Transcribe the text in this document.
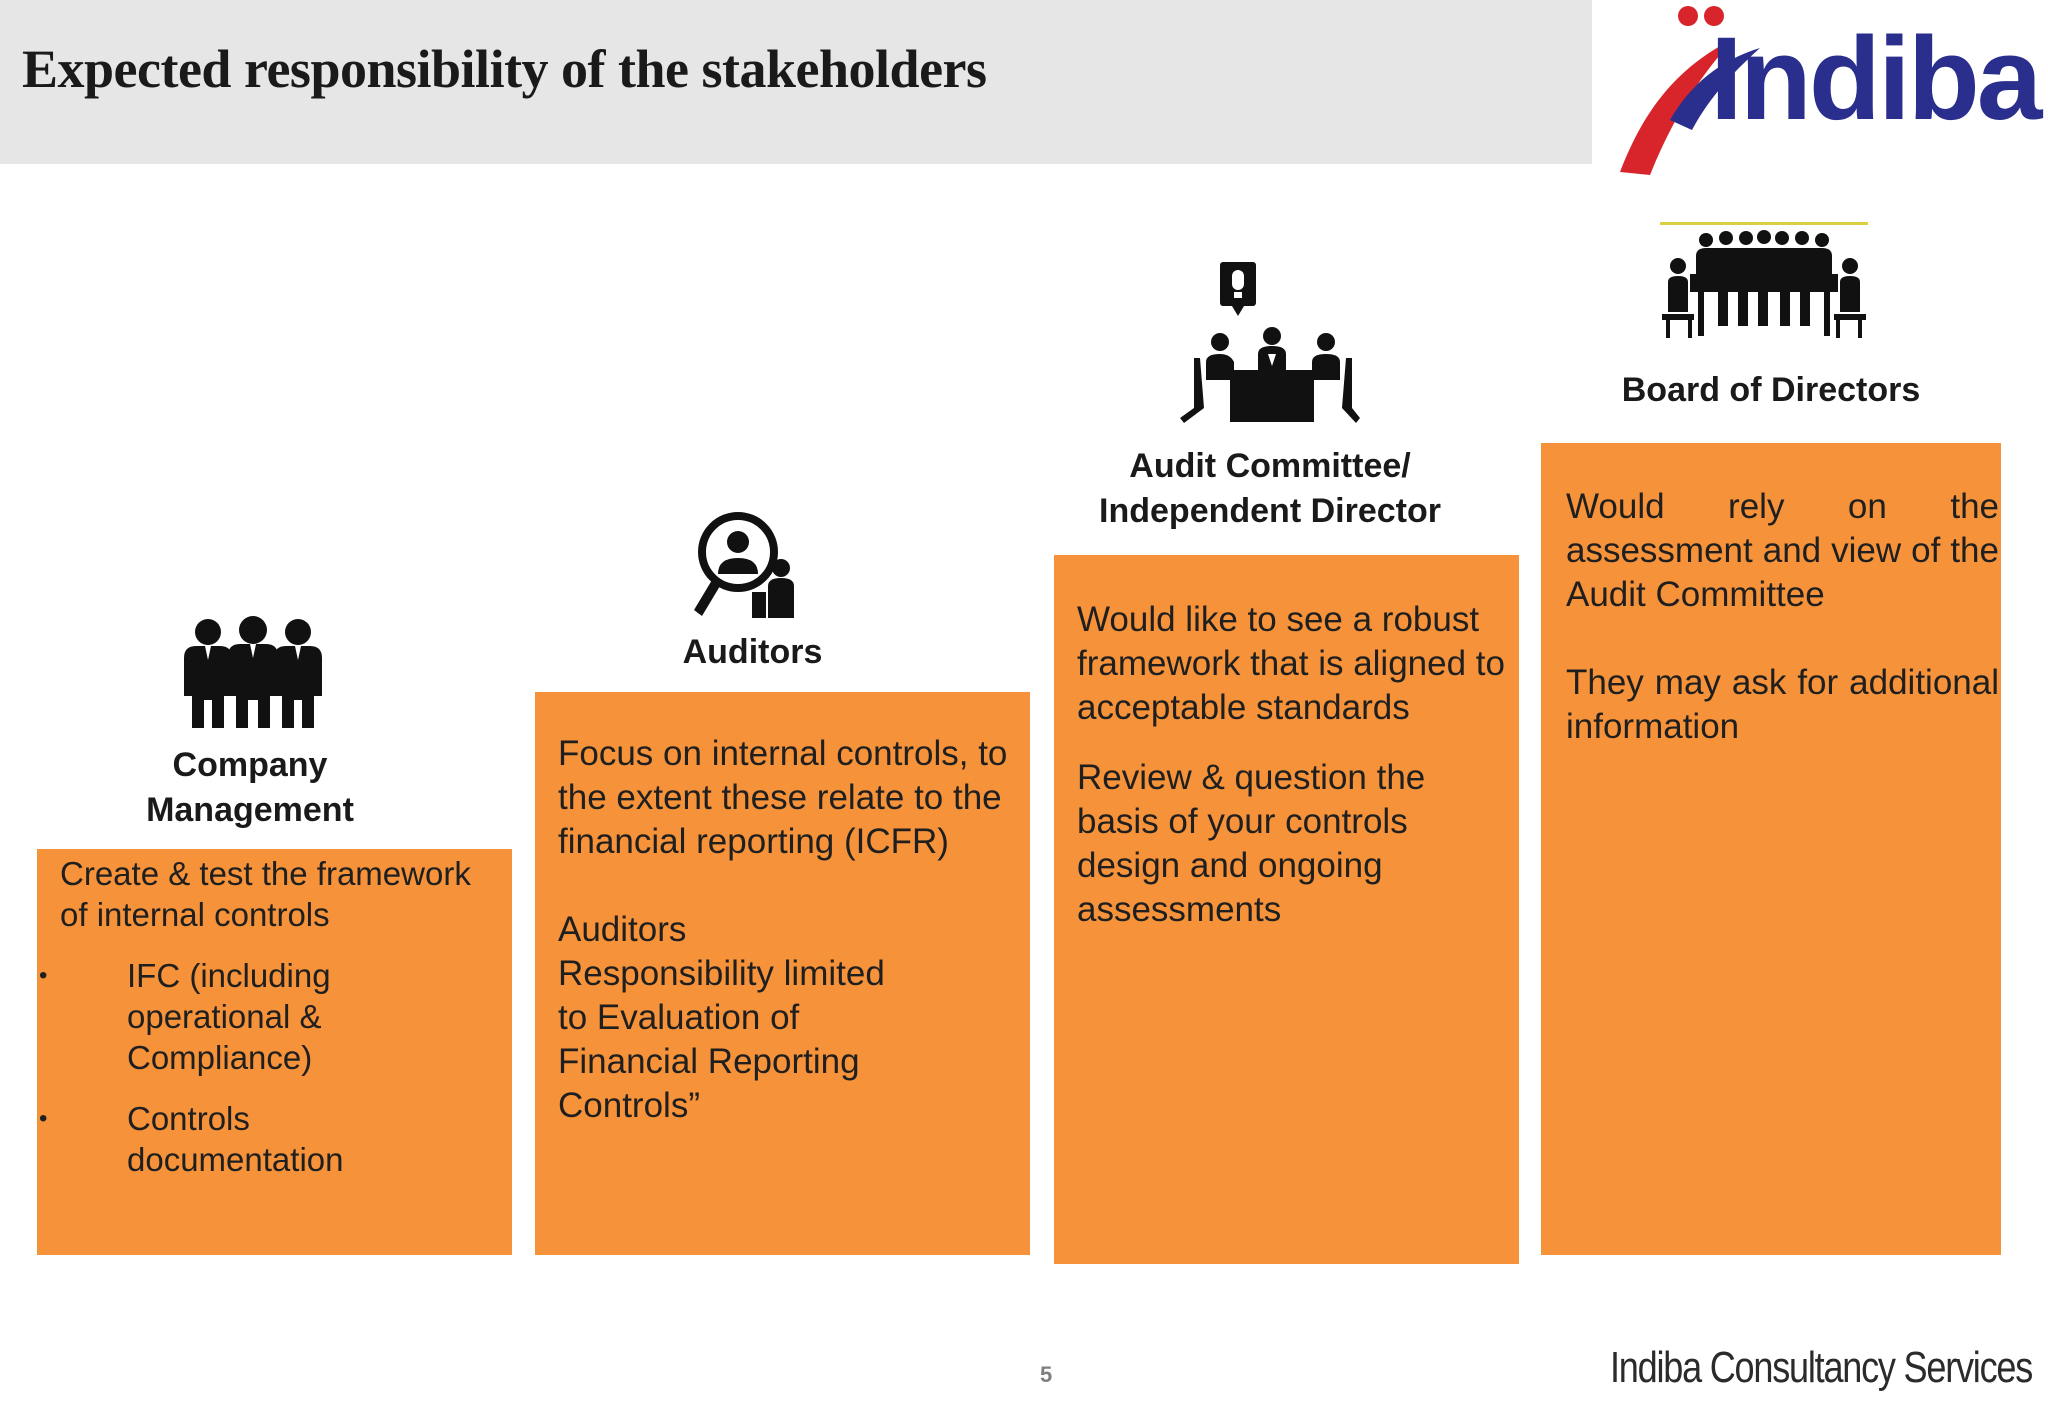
Expected responsibility of the stakeholders	Indiba
Company
Management

Create & test the framework of internal controls

• IFC (including operational & Compliance)
• Controls documentation
Auditors

Focus on internal controls, to the extent these relate to the financial reporting (ICFR)

Auditors Responsibility limited to Evaluation of Financial Reporting Controls”

Audit Committee/
Independent Director

Would like to see a robust framework that is aligned to acceptable standards

Review & question the basis of your controls design and ongoing assessments

Board of Directors

Would rely on the assessment and view of the Audit Committee

They may ask for additional information

5	Indiba Consultancy Services
